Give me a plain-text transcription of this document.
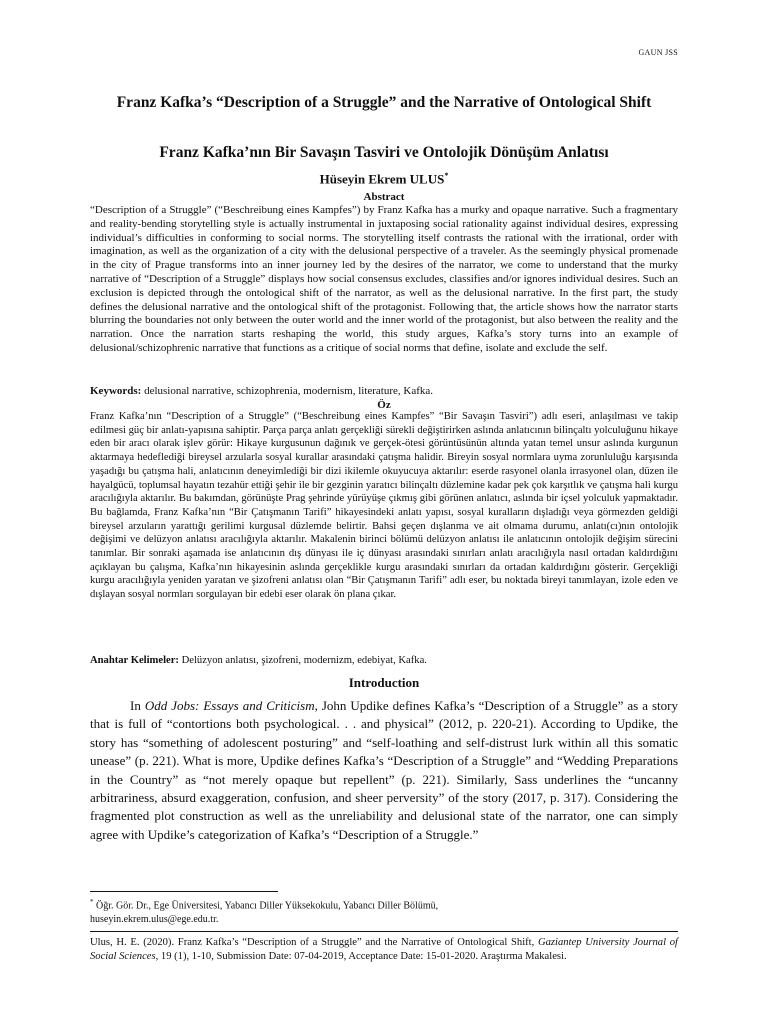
GAUN JSS
Franz Kafka’s “Description of a Struggle” and the Narrative of Ontological Shift
Franz Kafka’nın Bir Savaşın Tasviri ve Ontolojik Dönüşüm Anlatısı
Hüseyin Ekrem ULUS*
Abstract
“Description of a Struggle” (“Beschreibung eines Kampfes”) by Franz Kafka has a murky and opaque narrative. Such a fragmentary and reality-bending storytelling style is actually instrumental in juxtaposing social rationality against individual desires, expressing individual’s difficulties in conforming to social norms. The storytelling itself contrasts the rational with the irrational, order with imagination, as well as the organization of a city with the delusional perspective of a traveler. As the seemingly physical promenade in the city of Prague transforms into an inner journey led by the desires of the narrator, we come to understand that the murky narrative of “Description of a Struggle” displays how social consensus excludes, classifies and/or ignores individual desires. Such an exclusion is depicted through the ontological shift of the narrator, as well as the delusional narrative. In the first part, the study defines the delusional narrative and the ontological shift of the protagonist. Following that, the article shows how the narrator starts blurring the boundaries not only between the outer world and the inner world of the protagonist, but also between the reality and the narration. Once the narration starts reshaping the world, this study argues, Kafka’s story turns into an example of delusional/schizophrenic narrative that functions as a critique of social norms that define, isolate and exclude the self.
Keywords: delusional narrative, schizophrenia, modernism, literature, Kafka.
Öz
Franz Kafka’nın “Description of a Struggle” (“Beschreibung eines Kampfes” “Bir Savaşın Tasviri”) adlı eseri, anlaşılması ve takip edilmesi güç bir anlatı-yapısına sahiptir. Parça parça anlatı gerçekliği sürekli değiştirirken aslında anlatıcının bilinçaltı yolculuğunu hikaye eden bir aracı olarak işlev görür: Hikaye kurgusunun dağınık ve gerçek-ötesi görüntüsünün altında yatan temel unsur aslında kurgunun aktarmaya hedeflediği bireysel arzularla sosyal kurallar arasındaki çatışma halidir. Bireyin sosyal normlara uyma zorunluluğu karşısında yaşadığı bu çatışma hali, anlatıcının deneyimlediği bir dizi ikilemle okuyucuya aktarılır: eserde rasyonel olanla irrasyonel olan, düzen ile hayalgücü, toplumsal hayatın tezahür ettiği şehir ile bir gezginin yaratıcı bilinçaltı düzlemine kadar pek çok karşıtlık ve çatışma hali kurgu aracılığıyla aktarılır. Bu bakımdan, görünüşte Prag şehrinde yürüyüşe çıkmış gibi görünen anlatıcı, aslında bir içsel yolculuk yapmaktadır. Bu bağlamda, Franz Kafka’nın “Bir Çatışmanın Tarifi” hikayesindeki anlatı yapısı, sosyal kuralların dışladığı veya görmezden geldiği bireysel arzuların yarattığı gerilimi kurgusal düzlemde belirtir. Bahsi geçen dışlanma ve ait olmama durumu, anlatı(cı)nın ontolojik değişimi ve delüzyon anlatısı aracılığıyla aktarılır. Makalenin birinci bölümü delüzyon anlatısı ile anlatıcının ontolojik değişim sürecini tanımlar. Bir sonraki aşamada ise anlatıcının dış dünyası ile iç dünyası arasındaki sınırları anlatı aracılığıyla nasıl ortadan kaldırdığını açıklayan bu çalışma, Kafka’nın hikayesinin aslında gerçeklikle kurgu arasındaki sınırları da ortadan kaldırdığını gösterir. Gerçekliği kurgu aracılığıyla yeniden yaratan ve şizofreni anlatısı olan “Bir Çatışmanın Tarifi” adlı eser, bu noktada bireyi tanımlayan, izole eden ve dışlayan sosyal normları sorgulayan bir edebi eser olarak ön plana çıkar.
Anahtar Kelimeler: Delüzyon anlatısı, şizofreni, modernizm, edebiyat, Kafka.
Introduction
In Odd Jobs: Essays and Criticism, John Updike defines Kafka’s “Description of a Struggle” as a story that is full of “contortions both psychological. . . and physical” (2012, p. 220-21). According to Updike, the story has “something of adolescent posturing” and “self-loathing and self-distrust lurk within all this somatic unease” (p. 221). What is more, Updike defines Kafka’s “Description of a Struggle” and “Wedding Preparations in the Country” as “not merely opaque but repellent” (p. 221). Similarly, Sass underlines the “uncanny arbitrariness, absurd exaggeration, confusion, and sheer perversity” of the story (2017, p. 317). Considering the fragmented plot construction as well as the unreliability and delusional state of the narrator, one can simply agree with Updike’s categorization of Kafka’s “Description of a Struggle.”
* Öğr. Gör. Dr., Ege Üniversitesi, Yabancı Diller Yüksekokulu, Yabancı Diller Bölümü,
huseyin.ekrem.ulus@ege.edu.tr.
Ulus, H. E. (2020). Franz Kafka’s “Description of a Struggle” and the Narrative of Ontological Shift, Gaziantep University Journal of Social Sciences, 19 (1), 1-10, Submission Date: 07-04-2019, Acceptance Date: 15-01-2020. Araştırma Makalesi.
